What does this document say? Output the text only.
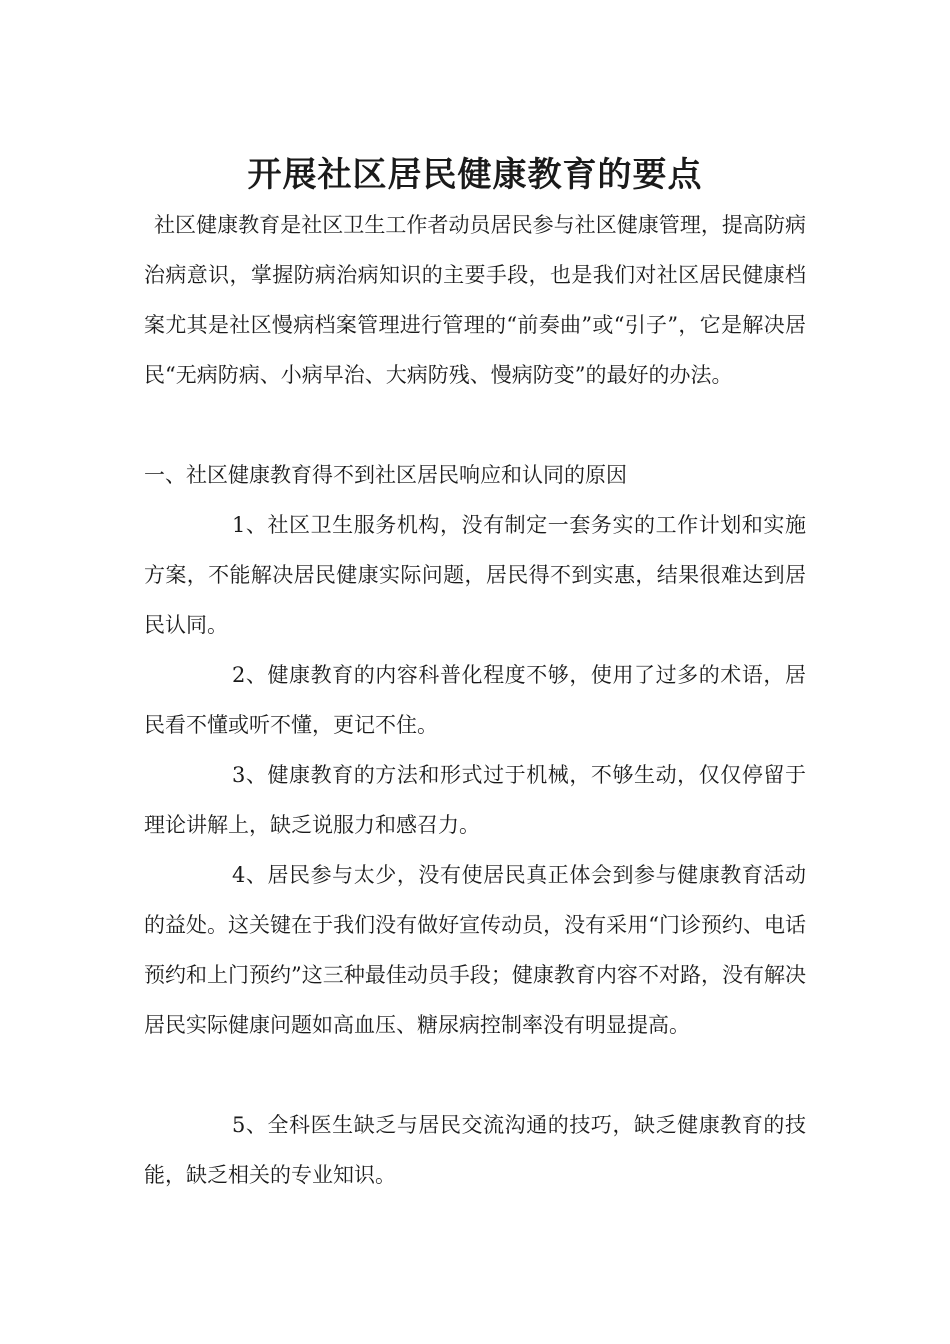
开展社区居民健康教育的要点

社区健康教育是社区卫生工作者动员居民参与社区健康管理，提高防病治病意识，掌握防病治病知识的主要手段，也是我们对社区居民健康档案尤其是社区慢病档案管理进行管理的“前奏曲”或“引子”，它是解决居民“无病防病、小病早治、大病防残、慢病防变”的最好的办法。

一、社区健康教育得不到社区居民响应和认同的原因

1、社区卫生服务机构，没有制定一套务实的工作计划和实施方案，不能解决居民健康实际问题，居民得不到实惠，结果很难达到居民认同。

2、健康教育的内容科普化程度不够，使用了过多的术语，居民看不懂或听不懂，更记不住。

3、健康教育的方法和形式过于机械，不够生动，仅仅停留于理论讲解上，缺乏说服力和感召力。

4、居民参与太少，没有使居民真正体会到参与健康教育活动的益处。这关键在于我们没有做好宣传动员，没有采用“门诊预约、电话预约和上门预约”这三种最佳动员手段；健康教育内容不对路，没有解决居民实际健康问题如高血压、糖尿病控制率没有明显提高。

5、全科医生缺乏与居民交流沟通的技巧，缺乏健康教育的技能，缺乏相关的专业知识。
